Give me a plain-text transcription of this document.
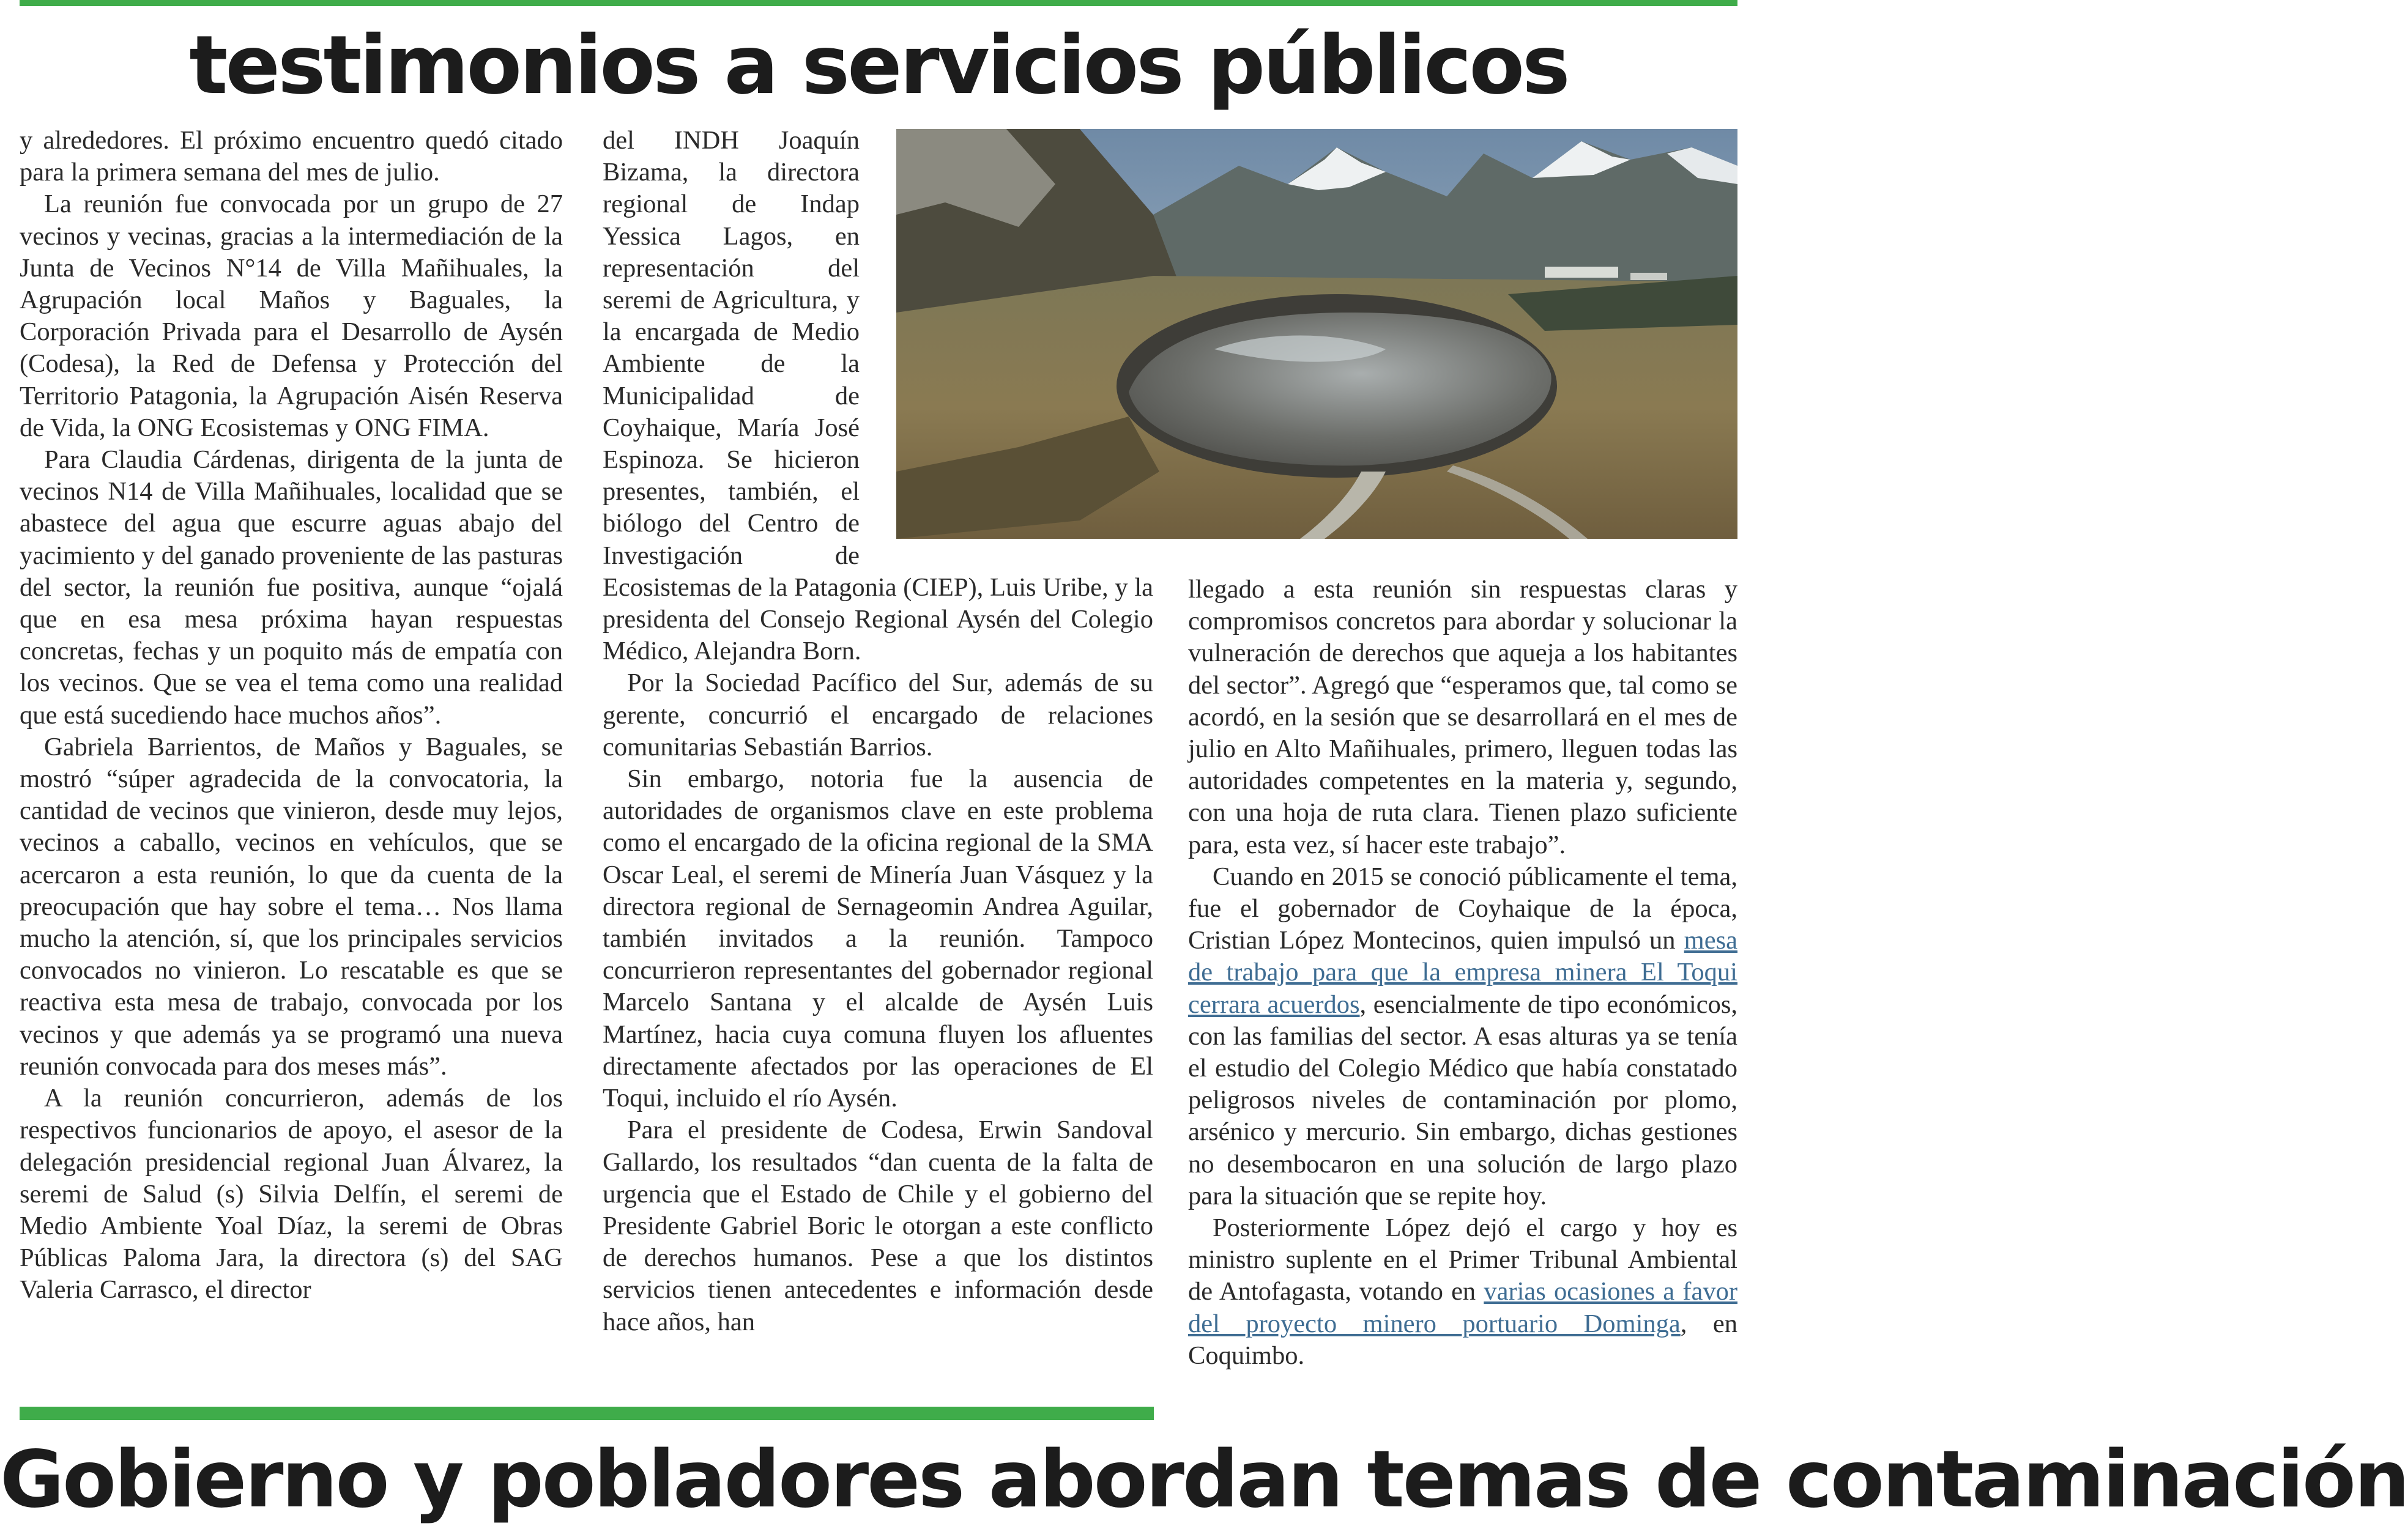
testimonios a servicios públicos

y alrededores. El próximo encuentro quedó citado para la primera semana del mes de julio.

La reunión fue convocada por un grupo de 27 vecinos y vecinas, gracias a la intermediación de la Junta de Vecinos N°14 de Villa Mañihuales, la Agrupación local Maños y Baguales, la Corporación Privada para el Desarrollo de Aysén (Codesa), la Red de Defensa y Protección del Territorio Patagonia, la Agrupación Aisén Reserva de Vida, la ONG Ecosistemas y ONG FIMA.

Para Claudia Cárdenas, dirigenta de la junta de vecinos N14 de Villa Mañihuales, localidad que se abastece del agua que escurre aguas abajo del yacimiento y del ganado proveniente de las pasturas del sector, la reunión fue positiva, aunque “ojalá que en esa mesa próxima hayan respuestas concretas, fechas y un poquito más de empatía con los vecinos. Que se vea el tema como una realidad que está sucediendo hace muchos años”.

Gabriela Barrientos, de Maños y Baguales, se mostró “súper agradecida de la convocatoria, la cantidad de vecinos que vinieron, desde muy lejos, vecinos a caballo, vecinos en vehículos, que se acercaron a esta reunión, lo que da cuenta de la preocupación que hay sobre el tema… Nos llama mucho la atención, sí, que los principales servicios convocados no vinieron. Lo rescatable es que se reactiva esta mesa de trabajo, convocada por los vecinos y que además ya se programó una nueva reunión convocada para dos meses más”.

A la reunión concurrieron, además de los respectivos funcionarios de apoyo, el asesor de la delegación presidencial regional Juan Álvarez, la seremi de Salud (s) Silvia Delfín, el seremi de Medio Ambiente Yoal Díaz, la seremi de Obras Públicas Paloma Jara, la directora (s) del SAG Valeria Carrasco, el director

del INDH Joaquín Bizama, la directora regional de Indap Yessica Lagos, en representación del seremi de Agricultura, y la encargada de Medio Ambiente de la Municipalidad de Coyhaique, María José Espinoza. Se hicieron presentes, también, el biólogo del Centro de Investigación de Ecosistemas de la Patagonia (CIEP), Luis Uribe, y la presidenta del Consejo Regional Aysén del Colegio Médico, Alejandra Born.

Por la Sociedad Pacífico del Sur, además de su gerente, concurrió el encargado de relaciones comunitarias Sebastián Barrios.

Sin embargo, notoria fue la ausencia de autoridades de organismos clave en este problema como el encargado de la oficina regional de la SMA Oscar Leal, el seremi de Minería Juan Vásquez y la directora regional de Sernageomin Andrea Aguilar, también invitados a la reunión. Tampoco concurrieron representantes del gobernador regional Marcelo Santana y el alcalde de Aysén Luis Martínez, hacia cuya comuna fluyen los afluentes directamente afectados por las operaciones de El Toqui, incluido el río Aysén.

Para el presidente de Codesa, Erwin Sandoval Gallardo, los resultados “dan cuenta de la falta de urgencia que el Estado de Chile y el gobierno del Presidente Gabriel Boric le otorgan a este conflicto de derechos humanos. Pese a que los distintos servicios tienen antecedentes e información desde hace años, han

llegado a esta reunión sin respuestas claras y compromisos concretos para abordar y solucionar la vulneración de derechos que aqueja a los habitantes del sector”. Agregó que “esperamos que, tal como se acordó, en la sesión que se desarrollará en el mes de julio en Alto Mañihuales, primero, lleguen todas las autoridades competentes en la materia y, segundo, con una hoja de ruta clara. Tienen plazo suficiente para, esta vez, sí hacer este trabajo”.

Cuando en 2015 se conoció públicamente el tema, fue el gobernador de Coyhaique de la época, Cristian López Montecinos, quien impulsó un mesa de trabajo para que la empresa minera El Toqui cerrara acuerdos, esencialmente de tipo económicos, con las familias del sector. A esas alturas ya se tenía el estudio del Colegio Médico que había constatado peligrosos niveles de contaminación por plomo, arsénico y mercurio. Sin embargo, dichas gestiones no desembocaron en una solución de largo plazo para la situación que se repite hoy.

Posteriormente López dejó el cargo y hoy es ministro suplente en el Primer Tribunal Ambiental de Antofagasta, votando en varias ocasiones a favor del proyecto minero portuario Dominga, en Coquimbo.

Gobierno y pobladores abordan temas de contaminación
